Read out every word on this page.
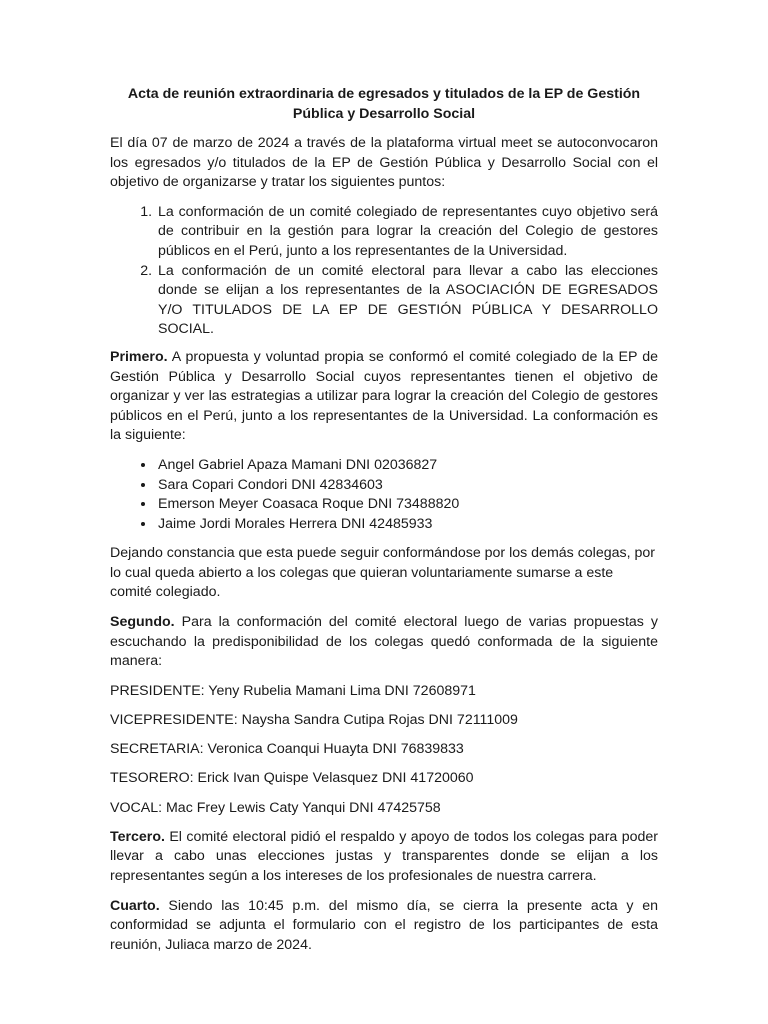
Acta de reunión extraordinaria de egresados y titulados de la EP de Gestión
Pública y Desarrollo Social

El día 07 de marzo de 2024 a través de la plataforma virtual meet se autoconvocaron los egresados y/o titulados de la EP de Gestión Pública y Desarrollo Social con el objetivo de organizarse y tratar los siguientes puntos:

1. La conformación de un comité colegiado de representantes cuyo objetivo será de contribuir en la gestión para lograr la creación del Colegio de gestores públicos en el Perú, junto a los representantes de la Universidad.
2. La conformación de un comité electoral para llevar a cabo las elecciones donde se elijan a los representantes de la ASOCIACIÓN DE EGRESADOS Y/O TITULADOS DE LA EP DE GESTIÓN PÚBLICA Y DESARROLLO SOCIAL.

Primero. A propuesta y voluntad propia se conformó el comité colegiado de la EP de Gestión Pública y Desarrollo Social cuyos representantes tienen el objetivo de organizar y ver las estrategias a utilizar para lograr la creación del Colegio de gestores públicos en el Perú, junto a los representantes de la Universidad. La conformación es la siguiente:

• Angel Gabriel Apaza Mamani DNI 02036827
• Sara Copari Condori DNI 42834603
• Emerson Meyer Coasaca Roque DNI 73488820
• Jaime Jordi Morales Herrera DNI 42485933

Dejando constancia que esta puede seguir conformándose por los demás colegas, por lo cual queda abierto a los colegas que quieran voluntariamente sumarse a este comité colegiado.

Segundo. Para la conformación del comité electoral luego de varias propuestas y escuchando la predisponibilidad de los colegas quedó conformada de la siguiente manera:

PRESIDENTE: Yeny Rubelia Mamani Lima DNI 72608971

VICEPRESIDENTE: Naysha Sandra Cutipa Rojas DNI 72111009

SECRETARIA: Veronica Coanqui Huayta DNI 76839833

TESORERO: Erick Ivan Quispe Velasquez DNI 41720060

VOCAL: Mac Frey Lewis Caty Yanqui DNI 47425758

Tercero. El comité electoral pidió el respaldo y apoyo de todos los colegas para poder llevar a cabo unas elecciones justas y transparentes donde se elijan a los representantes según a los intereses de los profesionales de nuestra carrera.

Cuarto. Siendo las 10:45 p.m. del mismo día, se cierra la presente acta y en conformidad se adjunta el formulario con el registro de los participantes de esta reunión, Juliaca marzo de 2024.
